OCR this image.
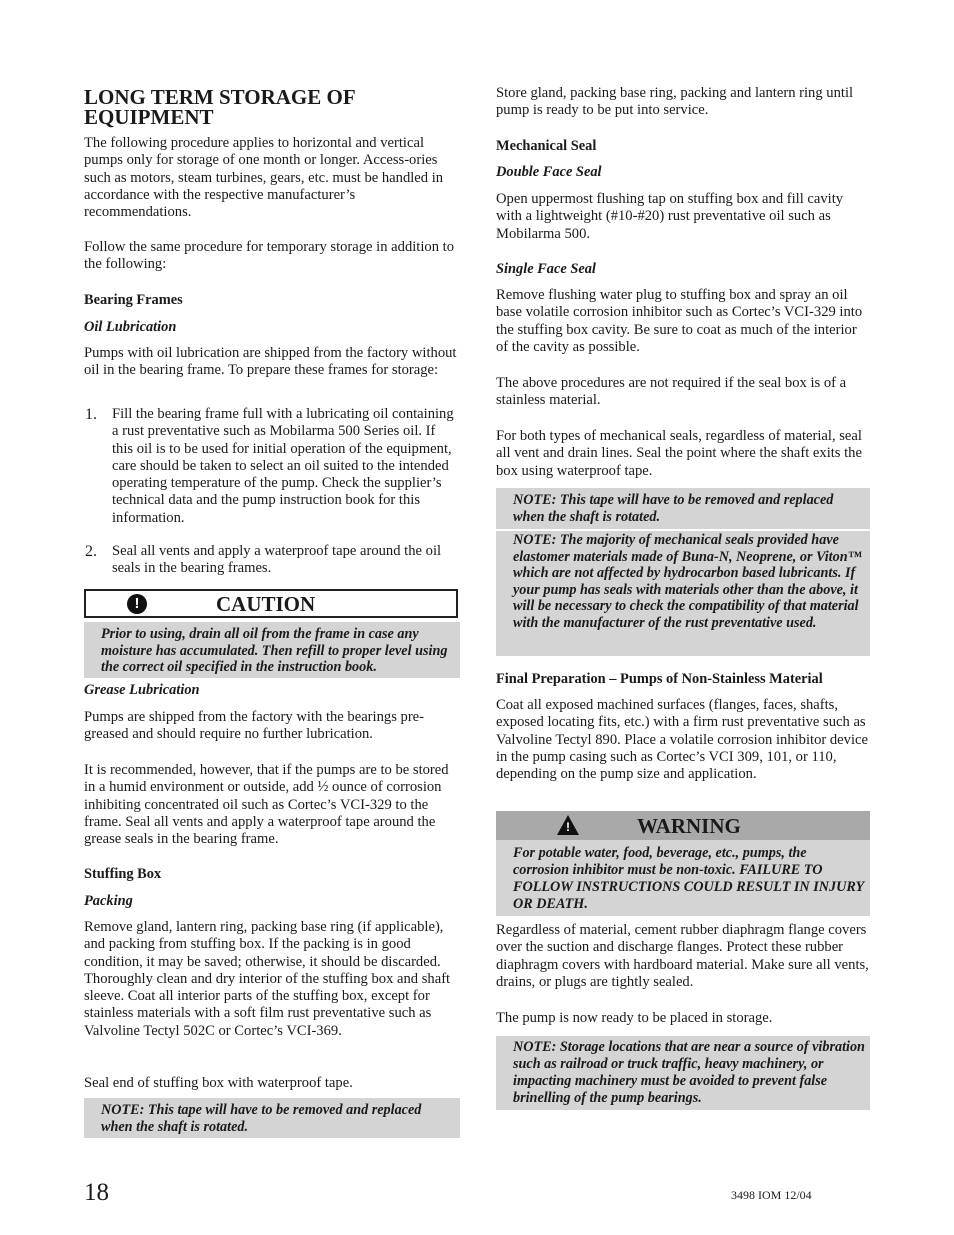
LONG TERM STORAGE OF EQUIPMENT

The following procedure applies to horizontal and vertical pumps only for storage of one month or longer. Access-ories such as motors, steam turbines, gears, etc. must be handled in accordance with the respective manufacturer’s recommendations.

Follow the same procedure for temporary storage in addition to the following:

Bearing Frames

Oil Lubrication

Pumps with oil lubrication are shipped from the factory without oil in the bearing frame. To prepare these frames for storage:

1. Fill the bearing frame full with a lubricating oil containing a rust preventative such as Mobilarma 500 Series oil. If this oil is to be used for initial operation of the equipment, care should be taken to select an oil suited to the intended operating temperature of the pump. Check the supplier’s technical data and the pump instruction book for this information.

2. Seal all vents and apply a waterproof tape around the oil seals in the bearing frames.

!	CAUTION
Prior to using, drain all oil from the frame in case any moisture has accumulated. Then refill to proper level using the correct oil specified in the instruction book.

Grease Lubrication

Pumps are shipped from the factory with the bearings pre-greased and should require no further lubrication.

It is recommended, however, that if the pumps are to be stored in a humid environment or outside, add ½ ounce of corrosion inhibiting concentrated oil such as Cortec’s VCI-329 to the frame. Seal all vents and apply a waterproof tape around the grease seals in the bearing frame.

Stuffing Box

Packing

Remove gland, lantern ring, packing base ring (if applicable), and packing from stuffing box. If the packing is in good condition, it may be saved; otherwise, it should be discarded. Thoroughly clean and dry interior of the stuffing box and shaft sleeve. Coat all interior parts of the stuffing box, except for stainless materials with a soft film rust preventative such as Valvoline Tectyl 502C or Cortec’s VCI-369.

Seal end of stuffing box with waterproof tape.

NOTE: This tape will have to be removed and replaced when the shaft is rotated.

Store gland, packing base ring, packing and lantern ring until pump is ready to be put into service.

Mechanical Seal

Double Face Seal

Open uppermost flushing tap on stuffing box and fill cavity with a lightweight (#10-#20) rust preventative oil such as Mobilarma 500.

Single Face Seal

Remove flushing water plug to stuffing box and spray an oil base volatile corrosion inhibitor such as Cortec’s VCI-329 into the stuffing box cavity. Be sure to coat as much of the interior of the cavity as possible.

The above procedures are not required if the seal box is of a stainless material.

For both types of mechanical seals, regardless of material, seal all vent and drain lines. Seal the point where the shaft exits the box using waterproof tape.

NOTE: This tape will have to be removed and replaced when the shaft is rotated.
NOTE: The majority of mechanical seals provided have elastomer materials made of Buna-N, Neoprene, or Viton™ which are not affected by hydrocarbon based lubricants. If your pump has seals with materials other than the above, it will be necessary to check the compatibility of that material with the manufacturer of the rust preventative used.

Final Preparation – Pumps of Non-Stainless Material

Coat all exposed machined surfaces (flanges, faces, shafts, exposed locating fits, etc.) with a firm rust preventative such as Valvoline Tectyl 890. Place a volatile corrosion inhibitor device in the pump casing such as Cortec’s VCI 309, 101, or 110, depending on the pump size and application.

!	WARNING
For potable water, food, beverage, etc., pumps, the corrosion inhibitor must be non-toxic. FAILURE TO FOLLOW INSTRUCTIONS COULD RESULT IN INJURY OR DEATH.

Regardless of material, cement rubber diaphragm flange covers over the suction and discharge flanges. Protect these rubber diaphragm covers with hardboard material. Make sure all vents, drains, or plugs are tightly sealed.

The pump is now ready to be placed in storage.

NOTE: Storage locations that are near a source of vibration such as railroad or truck traffic, heavy machinery, or impacting machinery must be avoided to prevent false brinelling of the pump bearings.
18	3498 IOM 12/04
